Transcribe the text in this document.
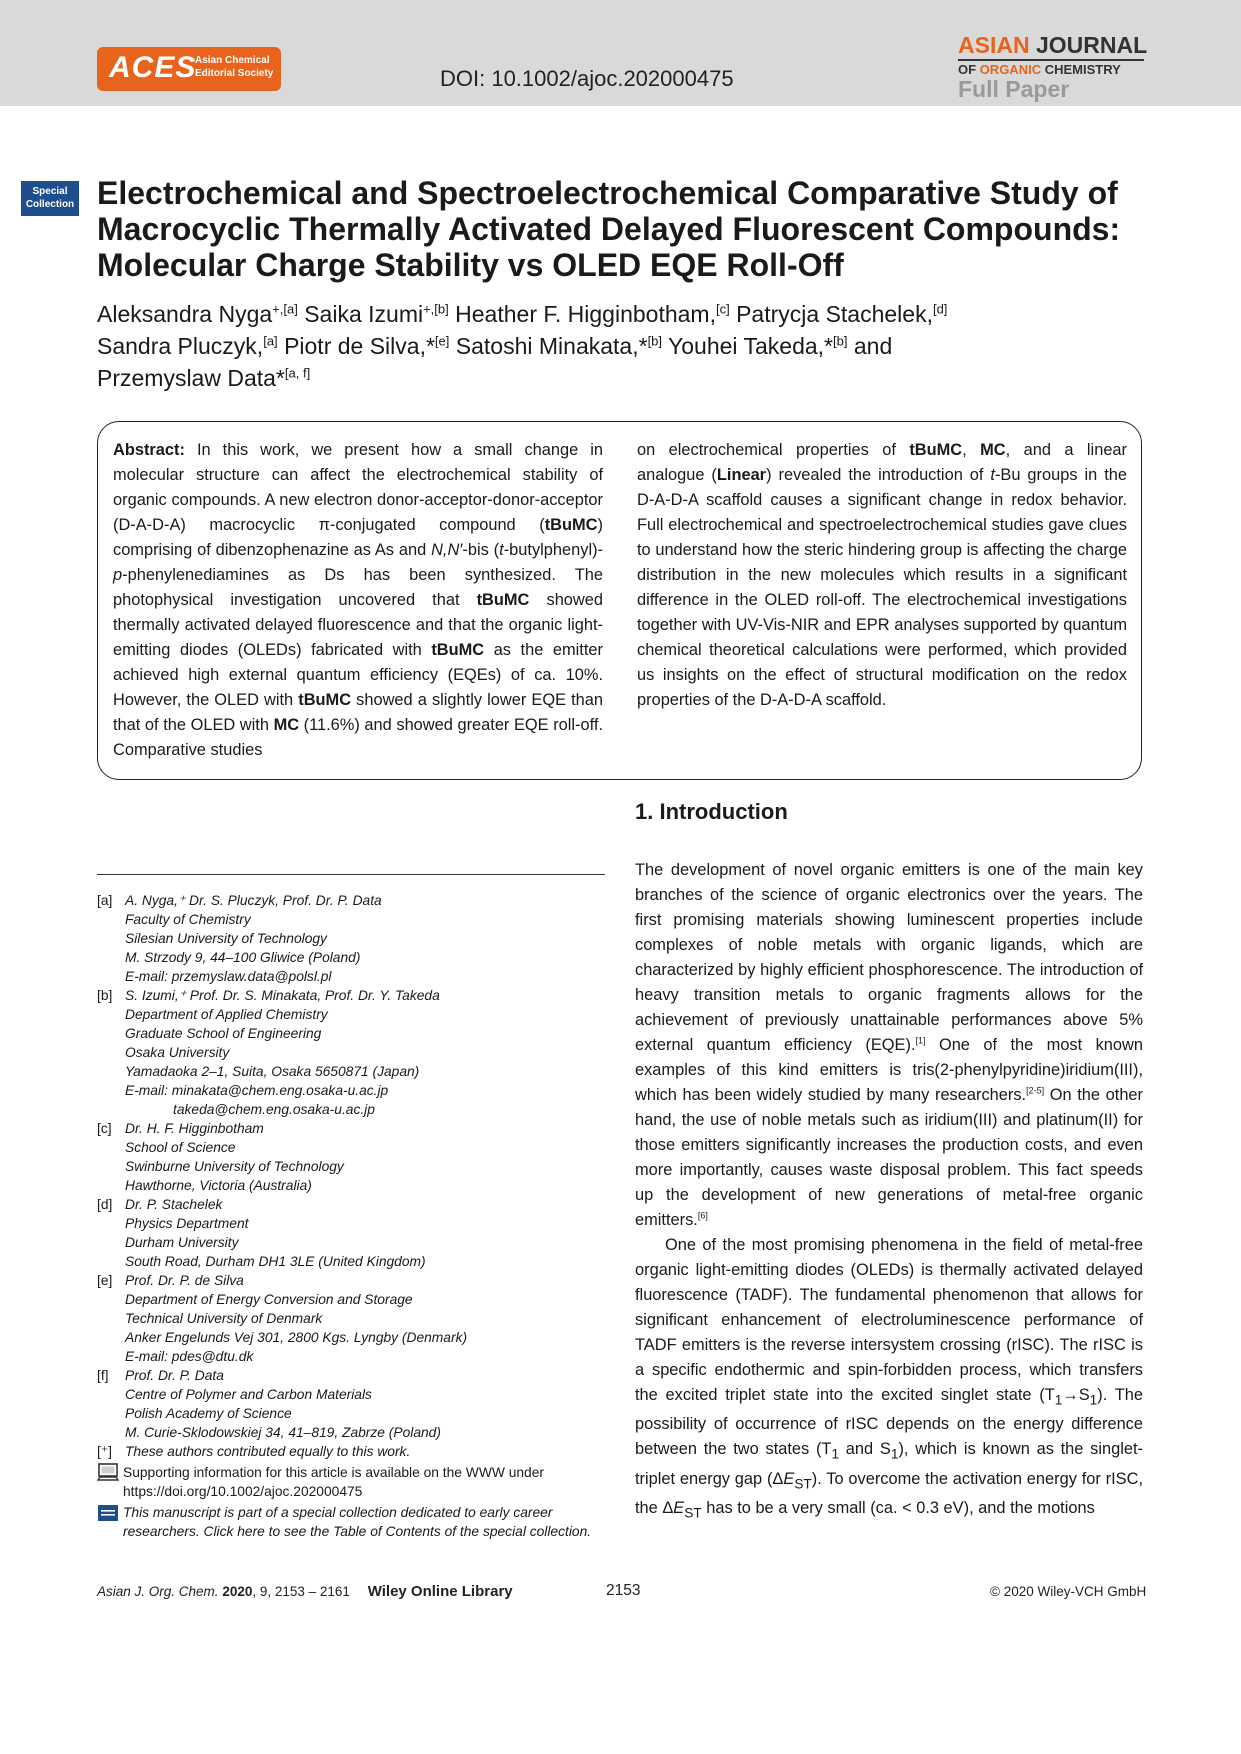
ACES
Asian Chemical
Editorial Society	DOI: 10.1002/ajoc.202000475
ASIAN JOURNAL
OF ORGANIC CHEMISTRY
Full Paper
Special
Collection Electrochemical and Spectroelectrochemical Comparative Study of
Macrocyclic Thermally Activated Delayed Fluorescent Compounds:
Molecular Charge Stability vs OLED EQE Roll-Off
Aleksandra Nyga$^{+,[a]}$ Saika Izumi$^{+,[b]}$ Heather F. Higginbotham,[c] Patrycja Stachelek,[d]
Sandra Pluczyk,[a] Piotr de Silva,*[e] Satoshi Minakata,*[b] Youhei Takeda,*[b] and
Przemyslaw Data*[a, f]
Abstract: In this work, we present how a small change in molecular structure can affect the electrochemical stability of organic compounds. A new electron donor-acceptor-donor-acceptor (D-A-D-A) macrocyclic π-conjugated compound (tBuMC) comprising of dibenzophenazine as As and N,N′-bis (t-butylphenyl)-p-phenylenediamines as Ds has been synthesized. The photophysical investigation uncovered that tBuMC showed thermally activated delayed fluorescence and that the organic light-emitting diodes (OLEDs) fabricated with tBuMC as the emitter achieved high external quantum efficiency (EQEs) of ca. 10%. However, the OLED with tBuMC showed a slightly lower EQE than that of the OLED with MC (11.6%) and showed greater EQE roll-off. Comparative studies
on electrochemical properties of tBuMC, MC, and a linear analogue (Linear) revealed the introduction of t-Bu groups in the D-A-D-A scaffold causes a significant change in redox behavior. Full electrochemical and spectroelectrochemical studies gave clues to understand how the steric hindering group is affecting the charge distribution in the new molecules which results in a significant difference in the OLED roll-off. The electrochemical investigations together with UV-Vis-NIR and EPR analyses supported by quantum chemical theoretical calculations were performed, which provided us insights on the effect of structural modification on the redox properties of the D-A-D-A scaffold.
1. Introduction
[a] A. Nyga,⁺ Dr. S. Pluczyk, Prof. Dr. P. Data
Faculty of Chemistry
Silesian University of Technology
M. Strzody 9, 44–100 Gliwice (Poland)
E-mail: przemyslaw.data@polsl.pl
[b] S. Izumi,⁺ Prof. Dr. S. Minakata, Prof. Dr. Y. Takeda
Department of Applied Chemistry
Graduate School of Engineering
Osaka University
Yamadaoka 2–1, Suita, Osaka 5650871 (Japan)
E-mail: minakata@chem.eng.osaka-u.ac.jp
takeda@chem.eng.osaka-u.ac.jp
[c] Dr. H. F. Higginbotham
School of Science
Swinburne University of Technology
Hawthorne, Victoria (Australia)
[d] Dr. P. Stachelek
Physics Department
Durham University
South Road, Durham DH1 3LE (United Kingdom)
[e] Prof. Dr. P. de Silva
Department of Energy Conversion and Storage
Technical University of Denmark
Anker Engelunds Vej 301, 2800 Kgs. Lyngby (Denmark)
E-mail: pdes@dtu.dk
[f]	Prof. Dr. P. Data
Centre of Polymer and Carbon Materials
Polish Academy of Science
M. Curie-Sklodowskiej 34, 41–819, Zabrze (Poland)
[⁺] These authors contributed equally to this work.
Supporting information for this article is available on the WWW under
https://doi.org/10.1002/ajoc.202000475
This manuscript is part of a special collection dedicated to early career
researchers. Click here to see the Table of Contents of the special collection.

The development of novel organic emitters is one of the main key branches of the science of organic electronics over the years. The first promising materials showing luminescent properties include complexes of noble metals with organic ligands, which are characterized by highly efficient phosphorescence. The introduction of heavy transition metals to organic fragments allows for the achievement of previously unattainable performances above 5% external quantum efficiency (EQE).[1] One of the most known examples of this kind emitters is tris(2-phenylpyridine)iridium(III), which has been widely studied by many researchers.[2-5] On the other hand, the use of noble metals such as iridium(III) and platinum(II) for those emitters significantly increases the production costs, and even more importantly, causes waste disposal problem. This fact speeds up the development of new generations of metal-free organic emitters.[6]

One of the most promising phenomena in the field of metal-free organic light-emitting diodes (OLEDs) is thermally activated delayed fluorescence (TADF). The fundamental phenomenon that allows for significant enhancement of electroluminescence performance of TADF emitters is the reverse intersystem crossing (rISC). The rISC is a specific endothermic and spin-forbidden process, which transfers the excited triplet state into the excited singlet state $(T_1\to S_1)$. The possibility of occurrence of rISC depends on the energy difference between the two states ($T_1$ and $S_1$), which is known as the singlet-triplet energy gap $(\Delta E_{ST})$. To overcome the activation energy for rISC, the $\Delta E_{ST}$ has to be a very small (ca. < 0.3 eV), and the motions

Asian J. Org. Chem. 2020, 9, 2153 – 2161 Wiley Online Library	2153	© 2020 Wiley-VCH GmbH
